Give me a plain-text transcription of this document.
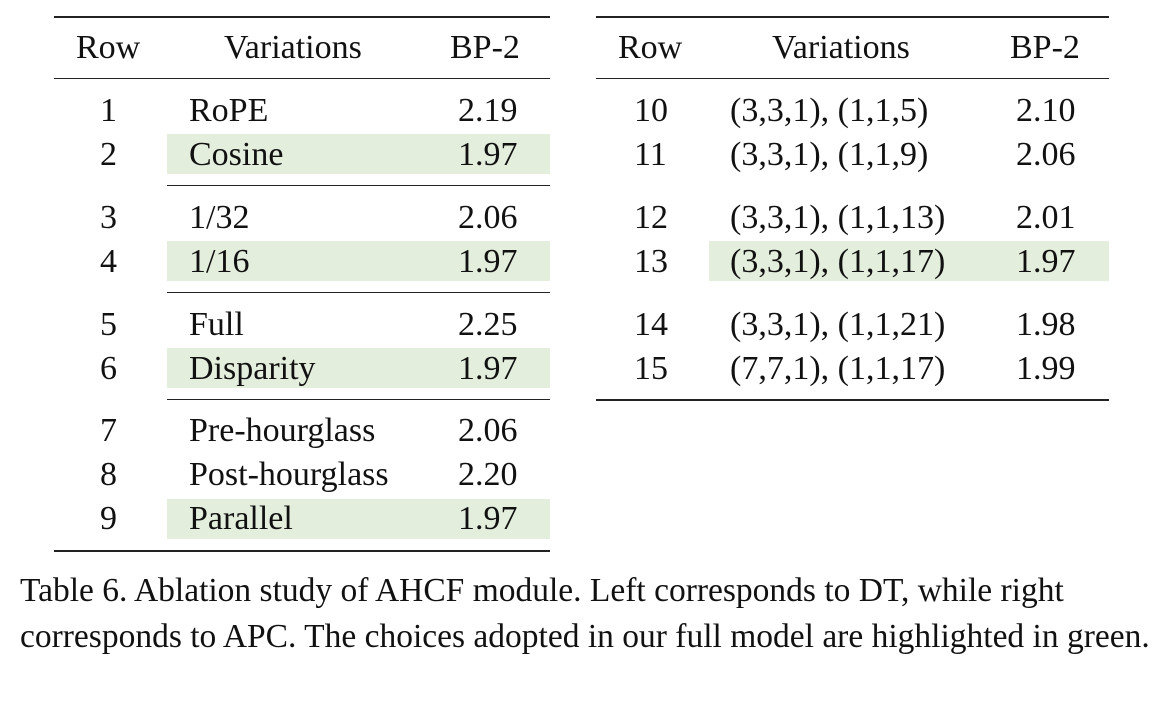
Row Variations	BP-2
1 RoPE	2.19
2 Cosine	1.97
3 1/32	2.06
4 1/16	1.97
5 Full	2.25
6 Disparity	1.97
7 Pre-hourglass 2.06
8 Post-hourglass 2.20
9 Parallel	1.97
Row	Variations	BP-2
10 (3,3,1), (1,1,5)	2.10
11 (3,3,1), (1,1,9)	2.06
12 (3,3,1), (1,1,13) 2.01
13 (3,3,1), (1,1,17) 1.97
14 (3,3,1), (1,1,21) 1.98
15 (7,7,1), (1,1,17) 1.99
Table 6. Ablation study of AHCF module. Left corresponds to DT, while right corresponds to APC. The choices adopted in our full model are highlighted in green.
